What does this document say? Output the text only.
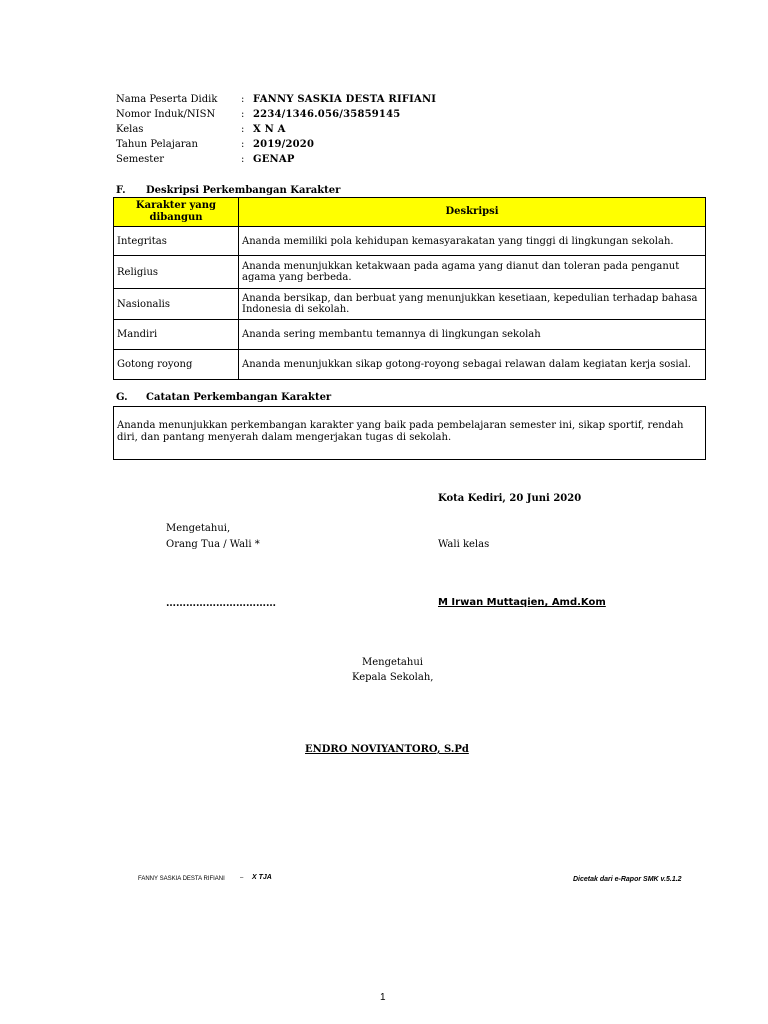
Nama Peserta Didik	: FANNY SASKIA DESTA RIFIANI
Nomor Induk/NISN	: 2234/1346.056/35859145
Kelas	: X N A
Tahun Pelajaran	: 2019/2020
Semester	: GENAP
F.	Deskripsi Perkembangan Karakter
Karakter yang dibangun	Deskripsi
Integritas	Ananda memiliki pola kehidupan kemasyarakatan yang tinggi di lingkungan sekolah.
Religius	Ananda menunjukkan ketakwaan pada agama yang dianut dan toleran pada penganut agama yang berbeda.
Nasionalis	Ananda bersikap, dan berbuat yang menunjukkan kesetiaan, kepedulian terhadap bahasa Indonesia di sekolah.
Mandiri	Ananda sering membantu temannya di lingkungan sekolah
Gotong royong	Ananda menunjukkan sikap gotong-royong sebagai relawan dalam kegiatan kerja sosial.
G.	Catatan Perkembangan Karakter
Ananda menunjukkan perkembangan karakter yang baik pada pembelajaran semester ini, sikap sportif, rendah diri, dan pantang menyerah dalam mengerjakan tugas di sekolah.
Kota Kediri, 20 Juni 2020
Mengetahui,
Orang Tua / Wali *	Wali kelas
……………………………	M Irwan Muttaqien, Amd.Kom
Mengetahui
Kepala Sekolah,
ENDRO NOVIYANTORO, S.Pd
FANNY SASKIA DESTA RIFIANI	– X TJA	Dicetak dari e-Rapor SMK v.5.1.2
1
